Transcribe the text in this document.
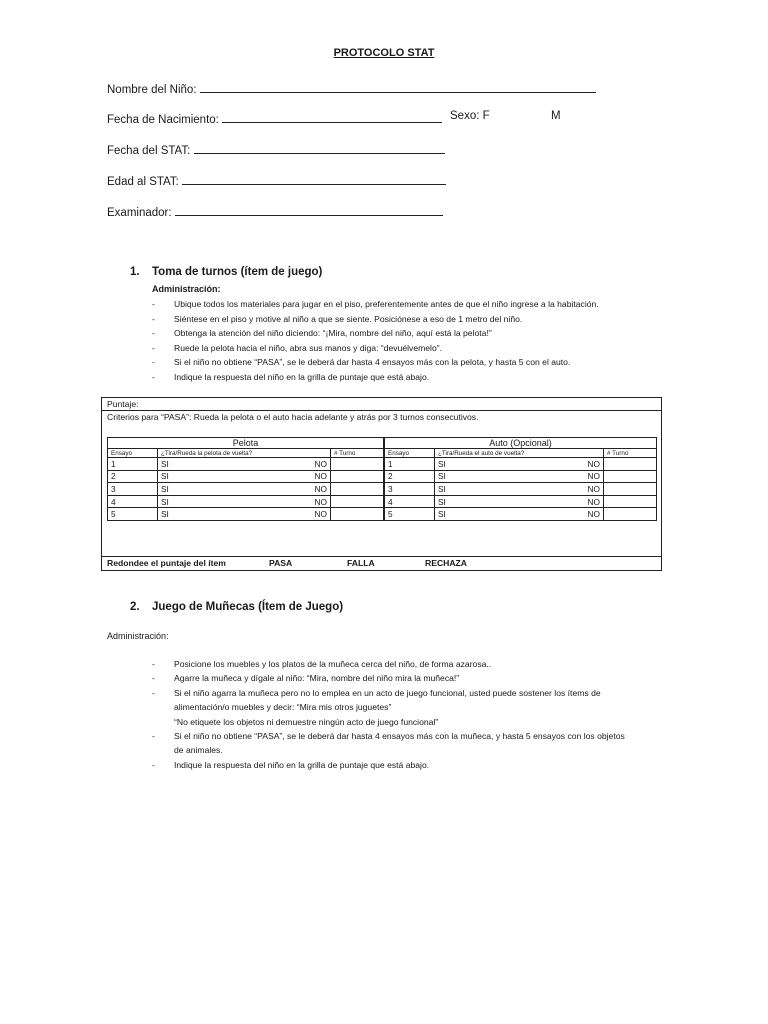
PROTOCOLO STAT
Nombre del Niño:
Fecha de Nacimiento:	Sexo: F	M
Fecha del STAT:
Edad al STAT:
Examinador:
1. Toma de turnos (ítem de juego)
Administración:
- Ubique todos los materiales para jugar en el piso, preferentemente antes de que el niño ingrese a la habitación.
- Siéntese en el piso y motive al niño a que se siente. Posiciónese a eso de 1 metro del niño.
- Obtenga la atención del niño diciendo: “¡Mira, nombre del niño, aquí está la pelota!”
- Ruede la pelota hacia el niño, abra sus manos y diga: “devuélvemelo”.
- Si el niño no obtiene “PASA”, se le deberá dar hasta 4 ensayos más con la pelota, y hasta 5 con el auto.
- Indique la respuesta del niño en la grilla de puntaje que está abajo.
Puntaje:
Criterios para “PASA”: Rueda la pelota o el auto hacia adelante y atrás por 3 turnos consecutivos.
Pelota		
Ensayo	¿Tira/Rueda la pelota de vuelta?	# Turno
1	SI NO	

2	SI NO	

3	SI NO	

4	SI NO	

5	SI NO	

Auto (Opcional)		
Ensayo	¿Tira/Rueda el auto de vuelta?	# Turno
1	SI NO	

2	SI NO	

3	SI NO	

4	SI NO	

5	SI NO	

Redondee el puntaje del ítem	PASA	FALLA	RECHAZA
2. Juego de Muñecas (Ítem de Juego)
Administración:
- Posicione los muebles y los platos de la muñeca cerca del niño, de forma azarosa..
- Agarre la muñeca y dígale al niño: “Mira, nombre del niño mira la muñeca!”
- Si el niño agarra la muñeca pero no lo emplea en un acto de juego funcional, usted puede sostener los ítems de
alimentación/o muebles y decir: “Mira mis otros juguetes”
“No etiquete los objetos ni demuestre ningún acto de juego funcional”
- Si el niño no obtiene “PASA”, se le deberá dar hasta 4 ensayos más con la muñeca, y hasta 5 ensayos con los objetos
de animales.
- Indique la respuesta del niño en la grilla de puntaje que está abajo.
